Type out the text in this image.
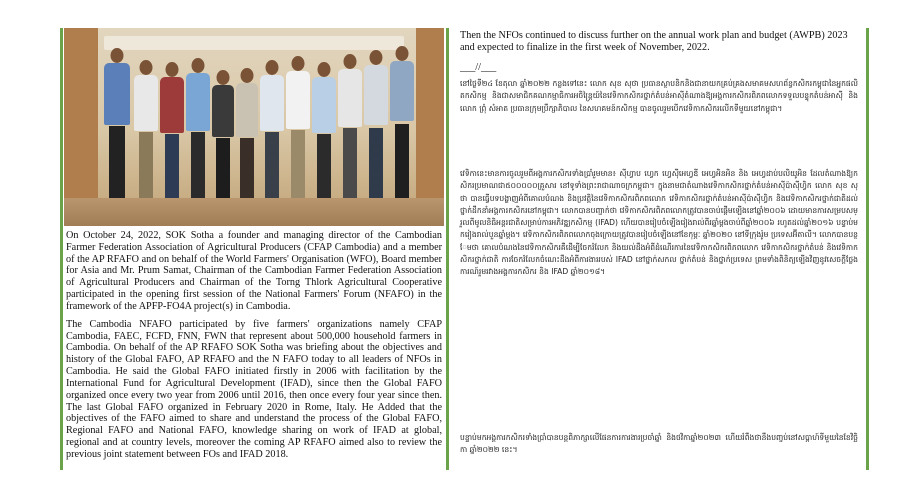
On October 24, 2022, SOK Sotha a founder and managing director of the Cambodian Farmer Federation Association of Agricultural Producers (CFAP Cambodia) and a member of the AP RFAFO and on behalf of the World Farmers' Organisation (WFO), Board member for Asia and Mr. Prum Samat, Chairman of the Cambodian Farmer Federation Association of Agricultural Producers and Chairman of the Torng Thlork Agricultural Cooperative participated in the opening first session of the National Farmers' Forum (NFAFO) in the framework of the APFP-FO4A project(s) in Cambodia.

The Cambodia NFAFO participated by five farmers' organizations namely CFAP Cambodia, FAEC, FCFD, FNN, FWN that represent about 500,000 household farmers in Cambodia. On behalf of the AP RFAFO SOK Sotha was briefing about the objectives and history of the Global FAFO, AP RFAFO and the N FAFO today to all leaders of NFOs in Cambodia. He said the Global FAFO initiated firstly in 2006 with facilitation by the International Fund for Agricultural Development (IFAD), since then the Global FAFO organized once every two year from 2006 until 2016, then once every four year since then. The last Global FAFO organized in February 2020 in Rome, Italy. He Added that the objectives of the FAFO aimed to share and understand the process of the Global FAFO, Regional FAFO and National FAFO, knowledge sharing on work of IFAD at global, regional and at country levels, moreover the coming AP RFAFO aimed also to review the previous joint statement between FOs and IFAD 2018.

Then the NFOs continued to discuss further on the annual work plan and budget (AWPB) 2023 and expected to finalize in the first week of November, 2022.
___//___
នៅថ្ងៃទី២៤ ខែតុលា ឆ្នាំ២០២២ កន្លងទៅនេះ លោក សុខ សុថា ប្រធានស្ថាបនិកនិងជានាយកគ្រប់គ្រងសមាគមសហព័ន្ធកសិករកម្ពុជានៃអ្នកផលិតកសិកម្ម និងជាសមាជិកគណកម្មាធិការអចិន្ត្រៃយ៍នៃវេទិកាកសិករថ្នាក់តំបន់អាស៊ីតំណាងឱ្យអង្គការកសិករពិភពលោកទទួលបន្ទុកតំបន់អាស៊ី និងលោក ព្រុំ សំអាត ប្រធានក្រុមប្រឹក្សាភិបាល នៃសហគមន៍កសិកម្ម បានចូលរួមបើកវេទិកាកសិករលើកទីមួយនៅកម្ពុជា។
វេទិកានេះមានការចូលរួមពីអង្គការកសិករទាំងប្រាំរួមមាន៖ ស៊ីហ្វាប ហ្វេក ហ្វេស៊ីអេហ្វឌី អេហ្វអិនអិន និង អេហ្វដាប់បលិយូអិន ដែលតំណាងឱ្យកសិករប្រមាណជា៥០០០០០គ្រួសារ នៅទូទាំងព្រះរាជាណាចក្រកម្ពុជា។ ក្នុងនាមជាតំណាងវេទិកាកសិករថ្នាក់តំបន់អាស៊ីប៉ាស៊ីហ្វិក លោក សុខ សុថា បានធ្វើបទបង្ហាញអំពីគោលបំណង និងប្រវត្តិនៃវេទិកាកសិករពិភពលោក វេទិកាកសិករថ្នាក់តំបន់អាស៊ីប៉ាស៊ីហ្វិក និងវេទិកាកសិករថ្នាក់ជាតិដល់ថ្នាក់ដឹកនាំអង្គការកសិករនៅកម្ពុជា។ លោកបានបញ្ជាក់ថា វេទិកាកសិករពិភពលោកត្រូវបានចាប់ផ្តើមឡើងនៅឆ្នាំ២០០៦ ដោយមានការសម្របសម្រួលពីមូលនិធិអន្តរជាតិសម្រាប់ការអភិវឌ្ឍកសិកម្ម (IFAD) ហើយបានរៀបចំឡើងរៀងរាល់ពីរឆ្នាំម្តងចាប់ពីឆ្នាំ២០០៦ រហូតដល់ឆ្នាំ២០១៦ បន្ទាប់មករៀងរាល់បួនឆ្នាំម្តង។ វេទិកាកសិករពិភពលោកចុងក្រោយត្រូវបានរៀបចំឡើងនៅខែកុម្ភៈ ឆ្នាំ២០២០ នៅទីក្រុងរ៉ូម ប្រទេសអ៊ីតាលី។ លោកបានបន្ថែមថា គោលបំណងនៃវេទិកាកសិករគឺដើម្បីចែករំលែក និងយល់ដឹងអំពីដំណើរការនៃវេទិកាកសិករពិភពលោក វេទិកាកសិករថ្នាក់តំបន់ និងវេទិកាកសិករថ្នាក់ជាតិ ការចែករំលែកចំណេះដឹងអំពីការងាររបស់ IFAD នៅថ្នាក់សកល ថ្នាក់តំបន់ និងថ្នាក់ប្រទេស ព្រមទាំងពិនិត្យឡើងវិញនូវសេចក្តីថ្លែងការណ៍រួមរវាងអង្គការកសិករ និង IFAD ឆ្នាំ២០១៨។
បន្ទាប់មកអង្គការកសិករទាំងប្រាំបានបន្តពិភាក្សាលើផែនការការងារប្រចាំឆ្នាំ និងថវិកាឆ្នាំ២០២៣ ហើយរំពឹងថានឹងបញ្ចប់នៅសប្តាហ៍ទីមួយនៃខែវិច្ឆិកា ឆ្នាំ២០២២ នេះ។
